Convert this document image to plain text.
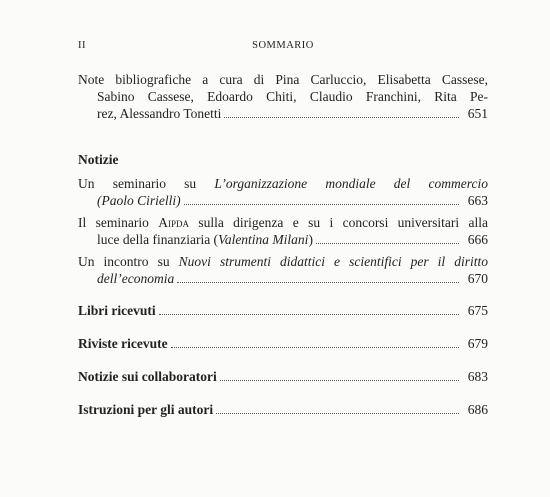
II	SOMMARIO
Note bibliografiche a cura di Pina Carluccio, Elisabetta Cassese,
Sabino Cassese, Edoardo Chiti, Claudio Franchini, Rita Pe-
rez, Alessandro Tonetti	651
Notizie
Un seminario su L’organizzazione mondiale del commercio
(Paolo Cirielli)	663
Il seminario Aipda sulla dirigenza e su i concorsi universitari alla
luce della finanziaria (Valentina Milani)	666
Un incontro su Nuovi strumenti didattici e scientifici per il diritto
dell’economia	670
Libri ricevuti	675
Riviste ricevute	679
Notizie sui collaboratori	683
Istruzioni per gli autori	686
